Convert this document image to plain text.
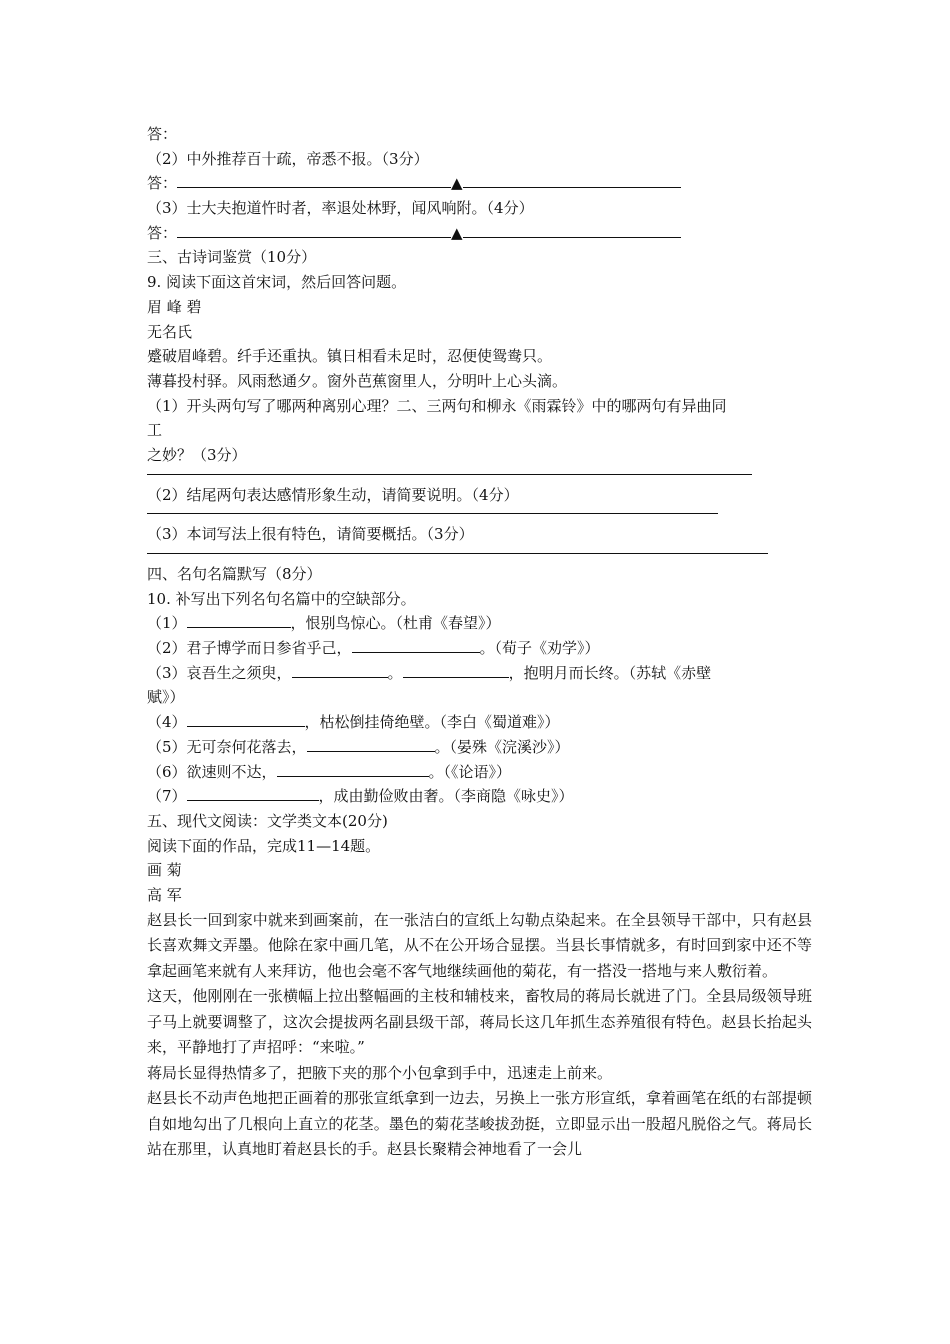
答：
（2）中外推荐百十疏，帝悉不报。（3分）
答：	▲
（3）士大夫抱道忤时者，率退处林野，闻风响附。（4分）
答：	▲
三、古诗词鉴赏（10分）
9. 阅读下面这首宋词，然后回答问题。
眉 峰 碧
无名氏
蹙破眉峰碧。纤手还重执。镇日相看未足时，忍便使鸳鸯只。
薄暮投村驿。风雨愁通夕。窗外芭蕉窗里人，分明叶上心头滴。
（1）开头两句写了哪两种离别心理？二、三两句和柳永《雨霖铃》中的哪两句有异曲同
工
之妙？（3分）
（2）结尾两句表达感情形象生动，请简要说明。（4分）
（3）本词写法上很有特色，请简要概括。（3分）
四、名句名篇默写（8分）
10. 补写出下列名句名篇中的空缺部分。
（1）	，恨别鸟惊心。（杜甫《春望》）
（2）君子博学而日参省乎己，	。（荀子《劝学》）
（3）哀吾生之须臾，	。	，抱明月而长终。（苏轼《赤壁
赋》）
（4）	，枯松倒挂倚绝壁。（李白《蜀道难》）
（5）无可奈何花落去，	。（晏殊《浣溪沙》）
（6）欲速则不达，	。（《论语》）
（7）	，成由勤俭败由奢。（李商隐《咏史》）
五、现代文阅读：文学类文本(20分)
阅读下面的作品，完成11—14题。
画 菊
高 军

赵县长一回到家中就来到画案前，在一张洁白的宣纸上勾勒点染起来。在全县领导干部中，只有赵县长喜欢舞文弄墨。他除在家中画几笔，从不在公开场合显摆。当县长事情就多，有时回到家中还不等拿起画笔来就有人来拜访，他也会毫不客气地继续画他的菊花，有一搭没一搭地与来人敷衍着。

这天，他刚刚在一张横幅上拉出整幅画的主枝和辅枝来，畜牧局的蒋局长就进了门。全县局级领导班子马上就要调整了，这次会提拔两名副县级干部，蒋局长这几年抓生态养殖很有特色。赵县长抬起头来，平静地打了声招呼：“来啦。”

蒋局长显得热情多了，把腋下夹的那个小包拿到手中，迅速走上前来。

赵县长不动声色地把正画着的那张宣纸拿到一边去，另换上一张方形宣纸，拿着画笔在纸的右部提顿自如地勾出了几根向上直立的花茎。墨色的菊花茎峻拔劲挺，立即显示出一股超凡脱俗之气。蒋局长站在那里，认真地盯着赵县长的手。赵县长聚精会神地看了一会儿
